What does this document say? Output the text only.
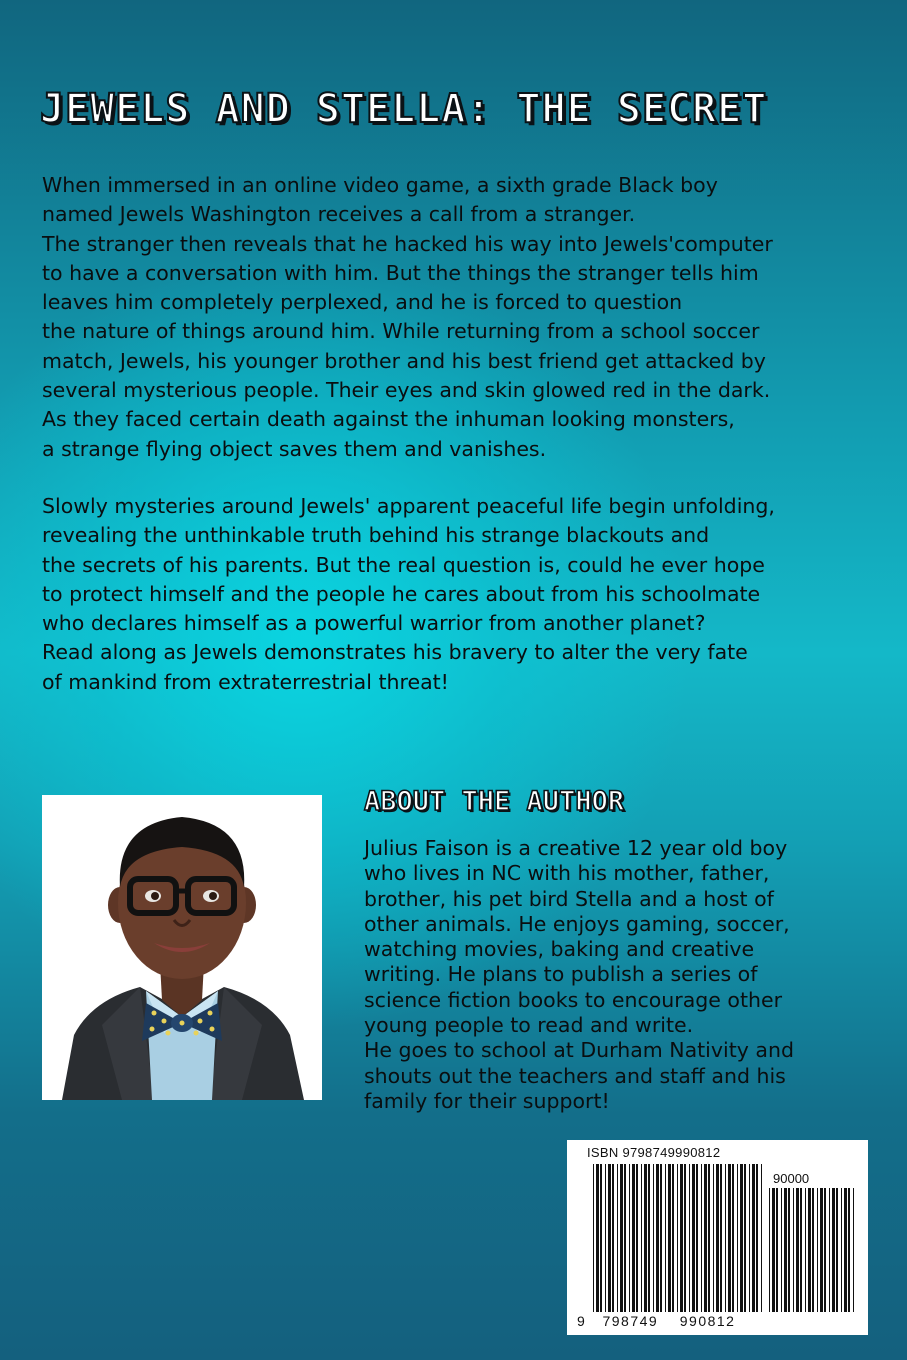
JEWELS AND STELLA: THE SECRET

When immersed in an online video game, a sixth grade Black boy
named Jewels Washington receives a call from a stranger.
The stranger then reveals that he hacked his way into Jewels'computer
to have a conversation with him. But the things the stranger tells him
leaves him completely perplexed, and he is forced to question
the nature of things around him. While returning from a school soccer
match, Jewels, his younger brother and his best friend get attacked by
several mysterious people. Their eyes and skin glowed red in the dark.
As they faced certain death against the inhuman looking monsters,
a strange flying object saves them and vanishes.

Slowly mysteries around Jewels' apparent peaceful life begin unfolding,
revealing the unthinkable truth behind his strange blackouts and
the secrets of his parents. But the real question is, could he ever hope
to protect himself and the people he cares about from his schoolmate
who declares himself as a powerful warrior from another planet?
Read along as Jewels demonstrates his bravery to alter the very fate
of mankind from extraterrestrial threat!

ABOUT THE AUTHOR

Julius Faison is a creative 12 year old boy
who lives in NC with his mother, father,
brother, his pet bird Stella and a host of
other animals. He enjoys gaming, soccer,
watching movies, baking and creative
writing. He plans to publish a series of
science fiction books to encourage other
young people to read and write.
He goes to school at Durham Nativity and
shouts out the teachers and staff and his
family for their support!

ISBN 9798749990812
90000
9 798749 990812
